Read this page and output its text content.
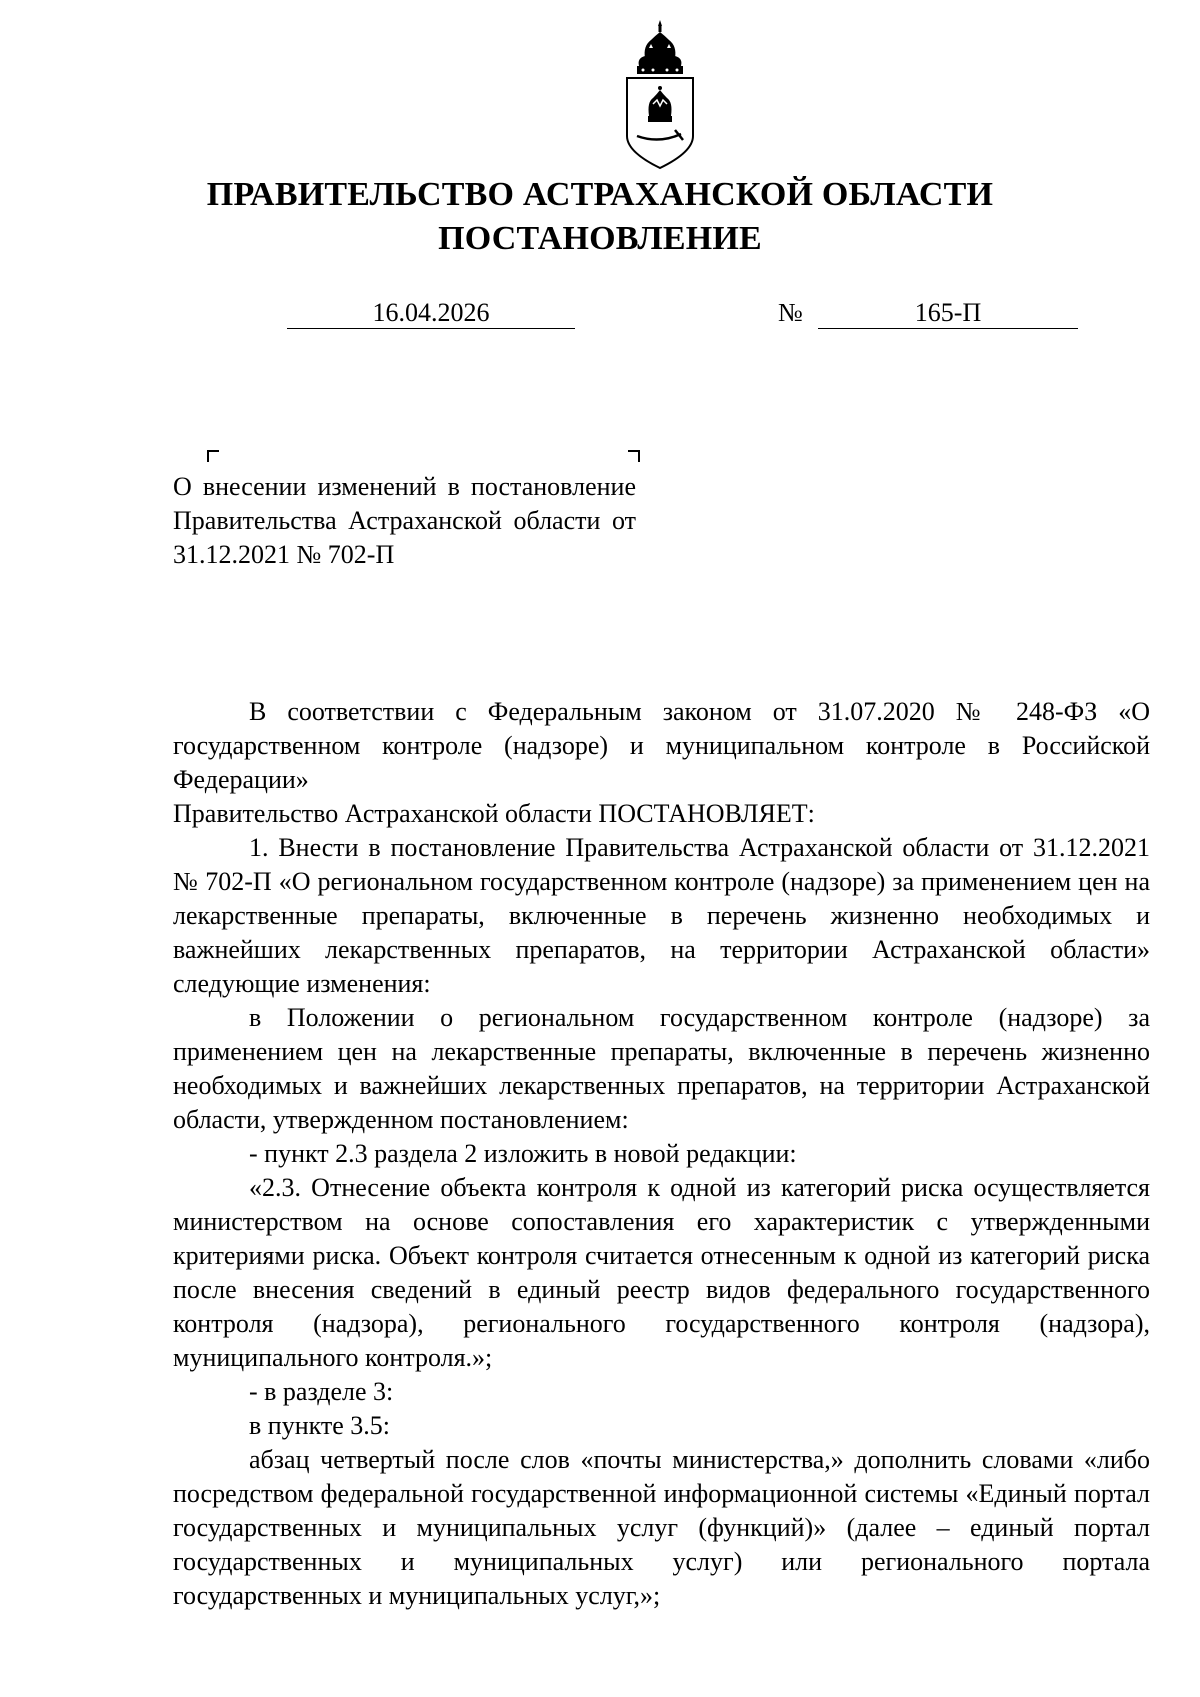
ПРАВИТЕЛЬСТВО АСТРАХАНСКОЙ ОБЛАСТИ
ПОСТАНОВЛЕНИЕ
16.04.2026	№	165-П
О внесении изменений в постановление Правительства Астраханской области от 31.12.2021 № 702-П

В соответствии с Федеральным законом от 31.07.2020 № 248-ФЗ «О государственном контроле (надзоре) и муниципальном контроле в Российской Федерации»

Правительство Астраханской области ПОСТАНОВЛЯЕТ:

1. Внести в постановление Правительства Астраханской области от 31.12.2021 № 702-П «О региональном государственном контроле (надзоре) за применением цен на лекарственные препараты, включенные в перечень жизненно необходимых и важнейших лекарственных препаратов, на территории Астраханской области» следующие изменения:

в Положении о региональном государственном контроле (надзоре) за применением цен на лекарственные препараты, включенные в перечень жизненно необходимых и важнейших лекарственных препаратов, на территории Астраханской области, утвержденном постановлением:

- пункт 2.3 раздела 2 изложить в новой редакции:

«2.3. Отнесение объекта контроля к одной из категорий риска осуществляется министерством на основе сопоставления его характеристик с утвержденными критериями риска. Объект контроля считается отнесенным к одной из категорий риска после внесения сведений в единый реестр видов федерального государственного контроля (надзора), регионального государственного контроля (надзора), муниципального контроля.»;

- в разделе 3:

в пункте 3.5:

абзац четвертый после слов «почты министерства,» дополнить словами «либо посредством федеральной государственной информационной системы «Единый портал государственных и муниципальных услуг (функций)» (далее – единый портал государственных и муниципальных услуг) или регионального портала государственных и муниципальных услуг,»;
